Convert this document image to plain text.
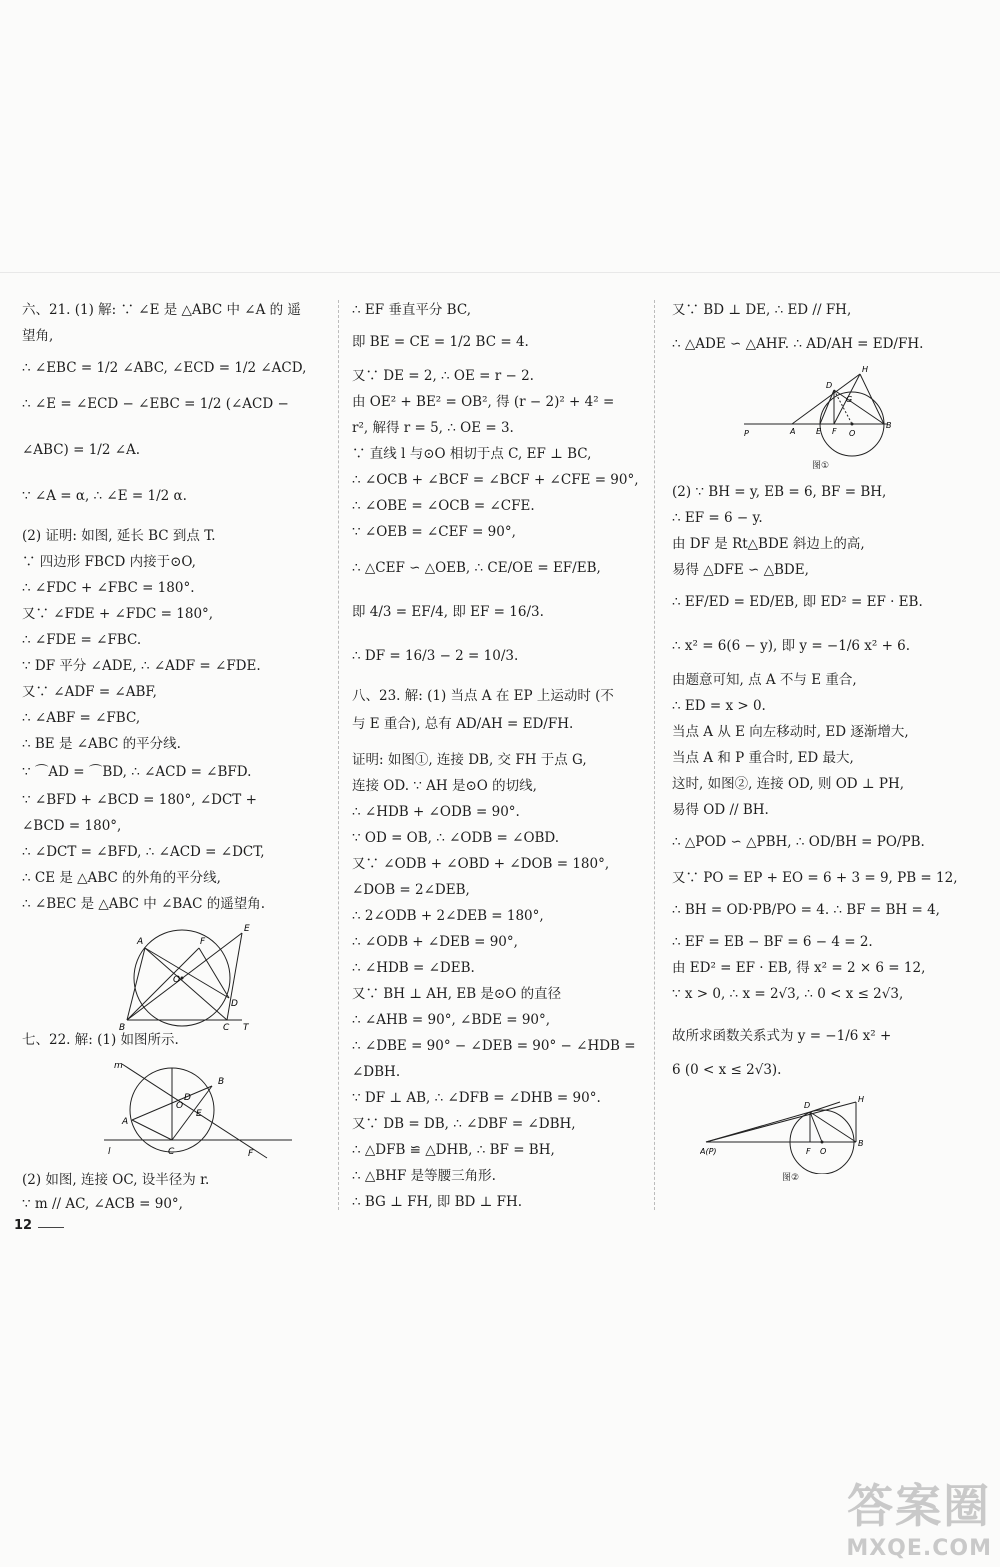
六、21. (1) 解: ∵ ∠E 是 △ABC 中 ∠A 的 遥
望角,
∴ ∠EBC = 1/2 ∠ABC, ∠ECD = 1/2 ∠ACD,
∴ ∠E = ∠ECD − ∠EBC = 1/2 (∠ACD −
∠ABC) = 1/2 ∠A.
∵ ∠A = α, ∴ ∠E = 1/2 α.
(2) 证明: 如图, 延长 BC 到点 T.
∵ 四边形 FBCD 内接于⊙O,
∴ ∠FDC + ∠FBC = 180°.
又∵ ∠FDE + ∠FDC = 180°,
∴ ∠FDE = ∠FBC.
∵ DF 平分 ∠ADE, ∴ ∠ADF = ∠FDE.
又∵ ∠ADF = ∠ABF,
∴ ∠ABF = ∠FBC,
∴ BE 是 ∠ABC 的平分线.
∵ ⌒AD = ⌒BD, ∴ ∠ACD = ∠BFD.
∵ ∠BFD + ∠BCD = 180°, ∠DCT +
∠BCD = 180°,
∴ ∠DCT = ∠BFD, ∴ ∠ACD = ∠DCT,
∴ CE 是 △ABC 的外角的平分线,
∴ ∠BEC 是 △ABC 中 ∠BAC 的遥望角.
A	F
E
O
D
B	C T
七、22. 解: (1) 如图所示.
m
B
O
E
A
D
l	C	F
(2) 如图, 连接 OC, 设半径为 r.
∵ m // AC, ∠ACB = 90°,
∴ EF 垂直平分 BC,
即 BE = CE = 1/2 BC = 4.
又∵ DE = 2, ∴ OE = r − 2.
由 OE² + BE² = OB², 得 (r − 2)² + 4² =
r², 解得 r = 5, ∴ OE = 3.
∵ 直线 l 与⊙O 相切于点 C, EF ⊥ BC,
∴ ∠OCB + ∠BCF = ∠BCF + ∠CFE = 90°,
∴ ∠OBE = ∠OCB = ∠CFE.
∵ ∠OEB = ∠CEF = 90°,
∴ △CEF ∽ △OEB, ∴ CE/OE = EF/EB,
即 4/3 = EF/4, 即 EF = 16/3.
∴ DF = 16/3 − 2 = 10/3.
八、23. 解: (1) 当点 A 在 EP 上运动时 (不
与 E 重合), 总有 AD/AH = ED/FH.
证明: 如图①, 连接 DB, 交 FH 于点 G,
连接 OD. ∵ AH 是⊙O 的切线,
∴ ∠HDB + ∠ODB = 90°.
∵ OD = OB, ∴ ∠ODB = ∠OBD.
又∵ ∠ODB + ∠OBD + ∠DOB = 180°,
∠DOB = 2∠DEB,
∴ 2∠ODB + 2∠DEB = 180°,
∴ ∠ODB + ∠DEB = 90°,
∴ ∠HDB = ∠DEB.
又∵ BH ⊥ AH, EB 是⊙O 的直径
∴ ∠AHB = 90°, ∠BDE = 90°,
∴ ∠DBE = 90° − ∠DEB = 90° − ∠HDB =
∠DBH.
∵ DF ⊥ AB, ∴ ∠DFB = ∠DHB = 90°.
又∵ DB = DB, ∴ ∠DBF = ∠DBH,
∴ △DFB ≌ △DHB, ∴ BF = BH,
∴ △BHF 是等腰三角形.
∴ BG ⊥ FH, 即 BD ⊥ FH.
又∵ BD ⊥ DE, ∴ ED // FH,
∴ △ADE ∽ △AHF. ∴ AD/AH = ED/FH.
H
D
G
P	A	E F O
B
图①
(2) ∵ BH = y, EB = 6, BF = BH,
∴ EF = 6 − y.
由 DF 是 Rt△BDE 斜边上的高,
易得 △DFE ∽ △BDE,
∴ EF/ED = ED/EB, 即 ED² = EF · EB.
∴ x² = 6(6 − y), 即 y = −1/6 x² + 6.
由题意可知, 点 A 不与 E 重合,
∴ ED = x > 0.
当点 A 从 E 向左移动时, ED 逐渐增大,
当点 A 和 P 重合时, ED 最大,
这时, 如图②, 连接 OD, 则 OD ⊥ PH,
易得 OD // BH.
∴ △POD ∽ △PBH, ∴ OD/BH = PO/PB.
又∵ PO = EP + EO = 6 + 3 = 9, PB = 12,
∴ BH = OD·PB/PO = 4. ∴ BF = BH = 4,
∴ EF = EB − BF = 6 − 4 = 2.
由 ED² = EF · EB, 得 x² = 2 × 6 = 12,
∵ x > 0, ∴ x = 2√3, ∴ 0 < x ≤ 2√3,
故所求函数关系式为 y = −1/6 x² +
6 (0 < x ≤ 2√3).
H
D
A(P)	F O
B
图②
12
答案圈
MXQE.COM
